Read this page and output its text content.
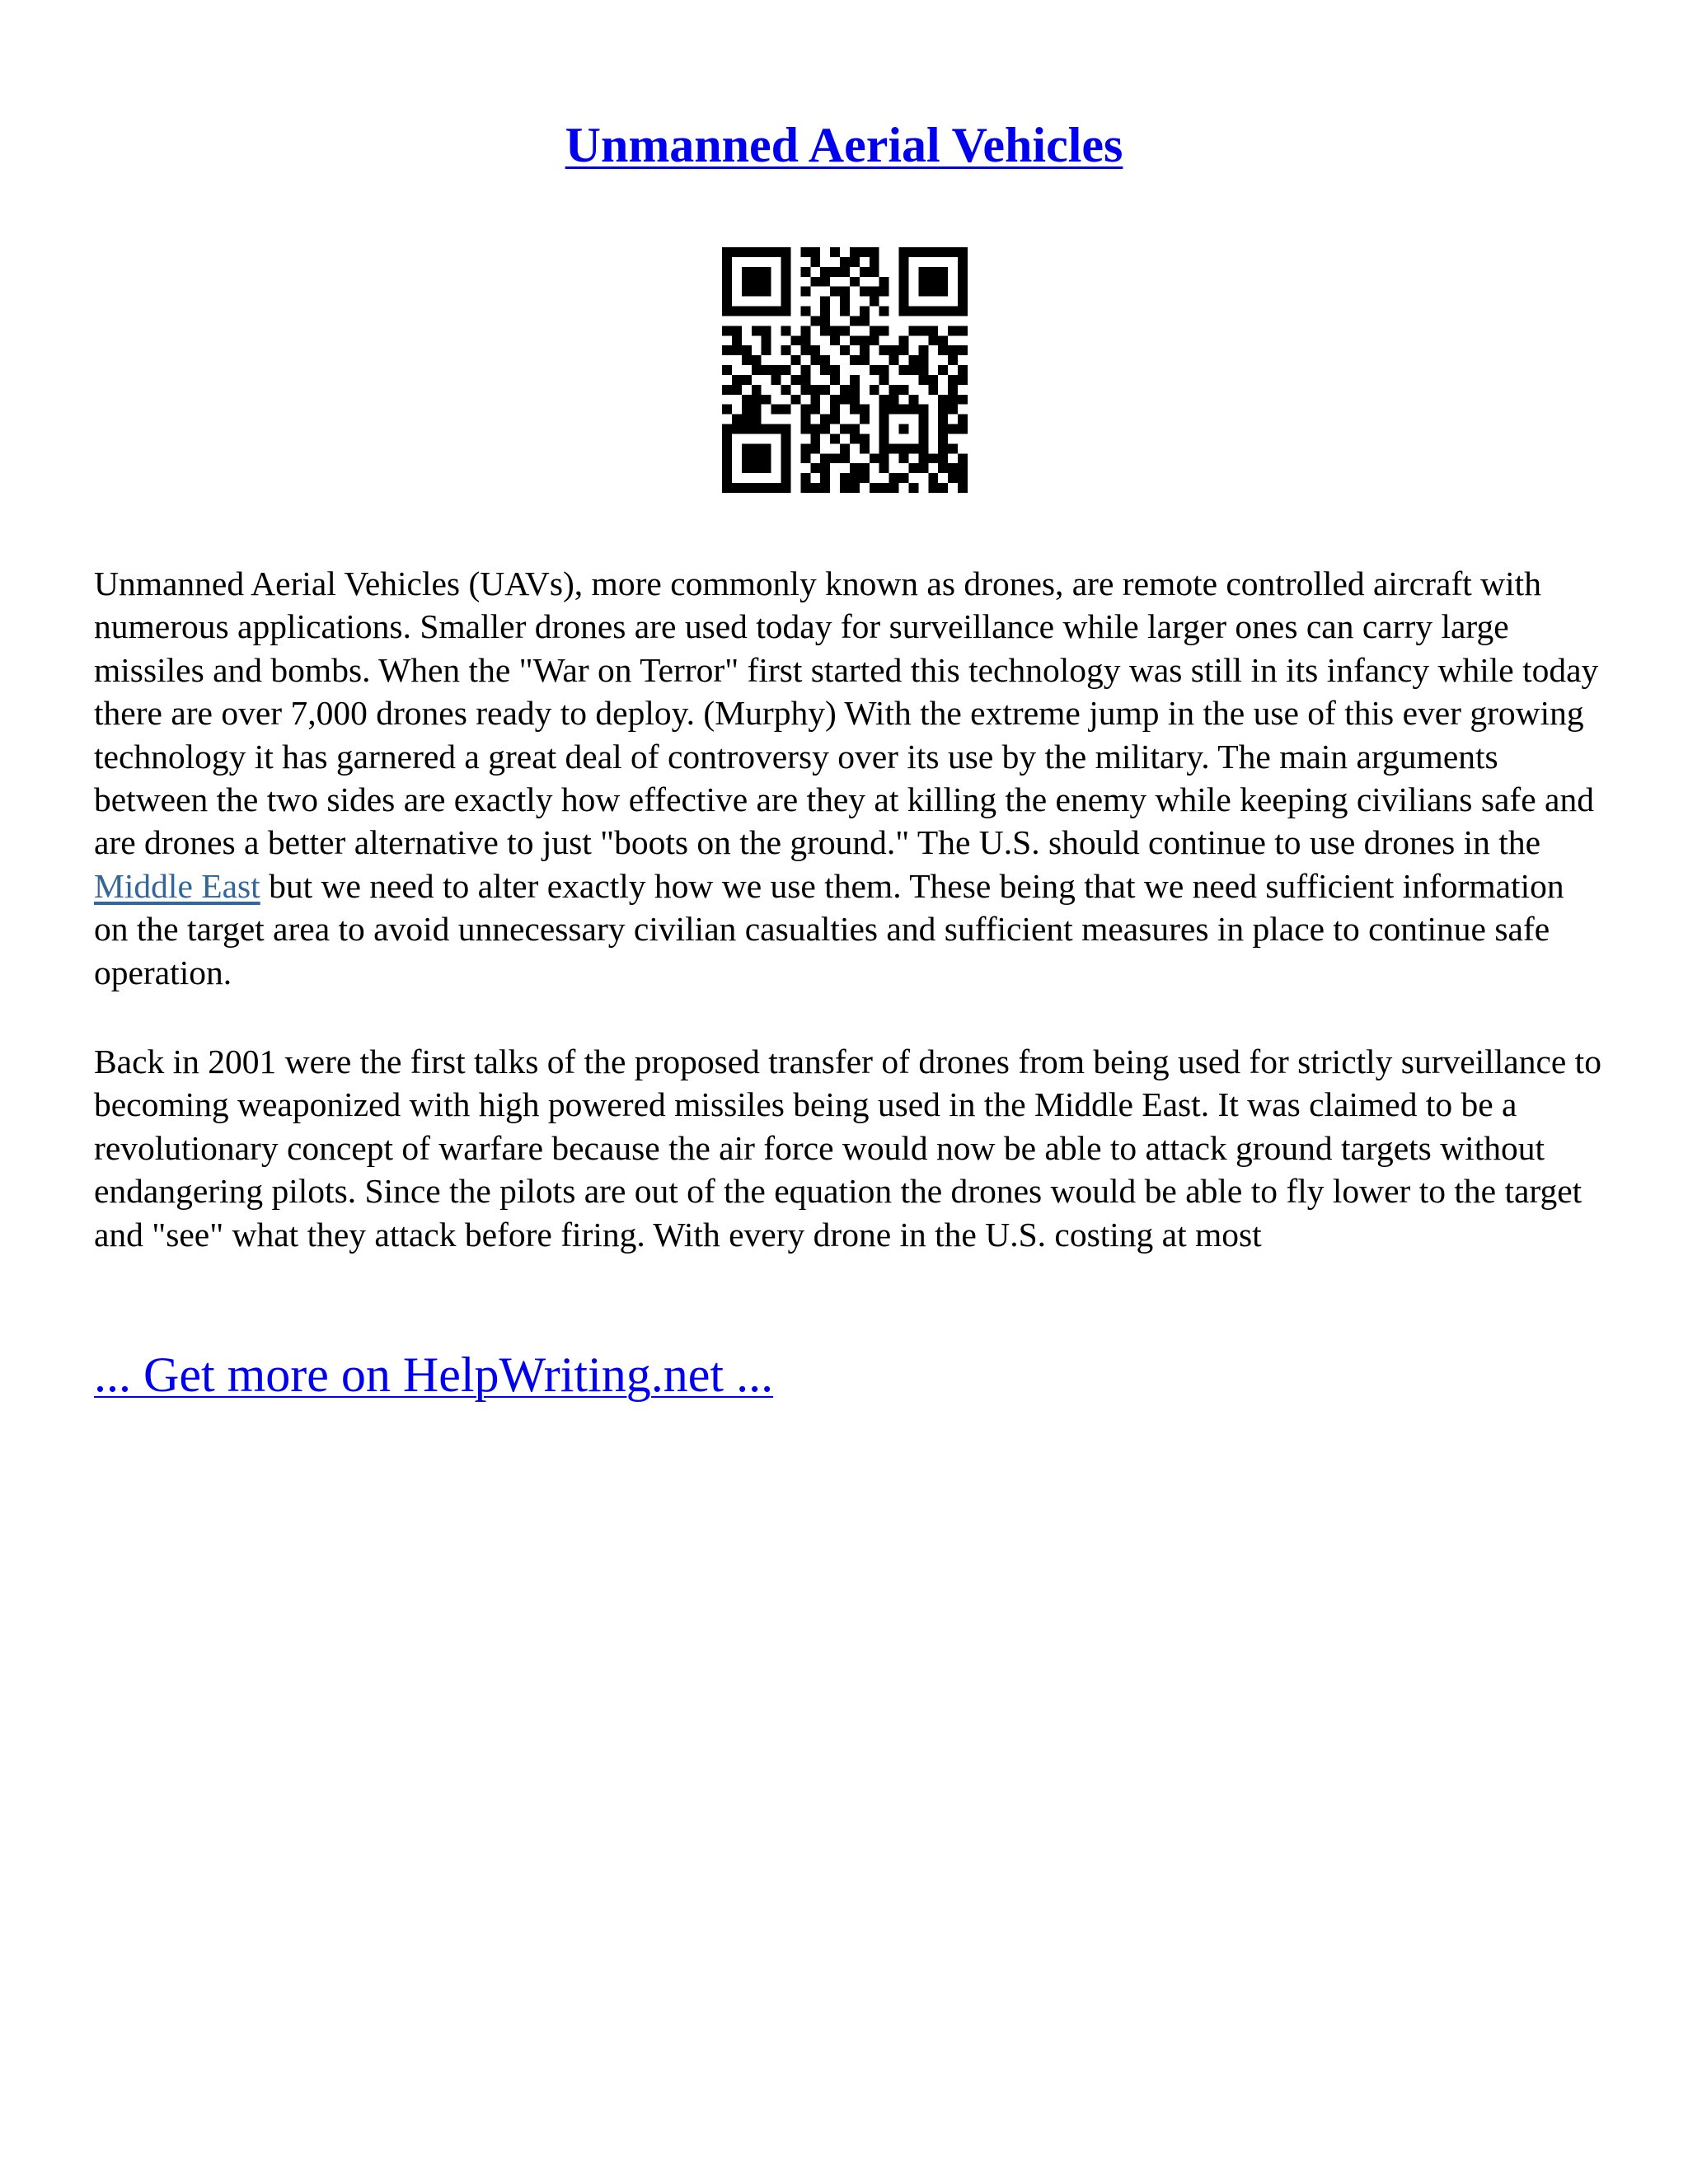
Unmanned Aerial Vehicles

Unmanned Aerial Vehicles (UAVs), more commonly known as drones, are remote controlled aircraft with numerous applications. Smaller drones are used today for surveillance while larger ones can carry large missiles and bombs. When the "War on Terror" first started this technology was still in its infancy while today there are over 7,000 drones ready to deploy. (Murphy) With the extreme jump in the use of this ever growing technology it has garnered a great deal of controversy over its use by the military. The main arguments between the two sides are exactly how effective are they at killing the enemy while keeping civilians safe and are drones a better alternative to just "boots on the ground." The U.S. should continue to use drones in the Middle East but we need to alter exactly how we use them. These being that we need sufficient information on the target area to avoid unnecessary civilian casualties and sufficient measures in place to continue safe operation.

Back in 2001 were the first talks of the proposed transfer of drones from being used for strictly surveillance to becoming weaponized with high powered missiles being used in the Middle East. It was claimed to be a revolutionary concept of warfare because the air force would now be able to attack ground targets without endangering pilots. Since the pilots are out of the equation the drones would be able to fly lower to the target and "see" what they attack before firing. With every drone in the U.S. costing at most

... Get more on HelpWriting.net ...
